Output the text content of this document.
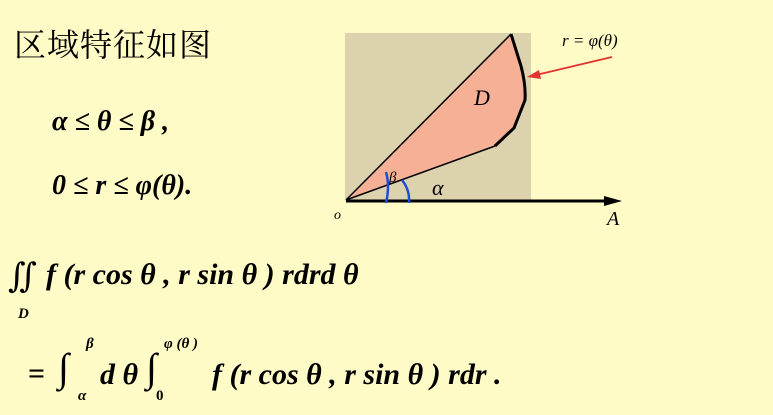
区域特征如图
α ≤ θ ≤ β ,
0 ≤ r ≤ φ(θ).
r = φ(θ)
D
β α
o	A
∬
D
f (r cos θ , r sin θ ) rdrd θ
= ∫
β
α
d θ ∫
φ (θ )
0
f (r cos θ , r sin θ ) rdr .
